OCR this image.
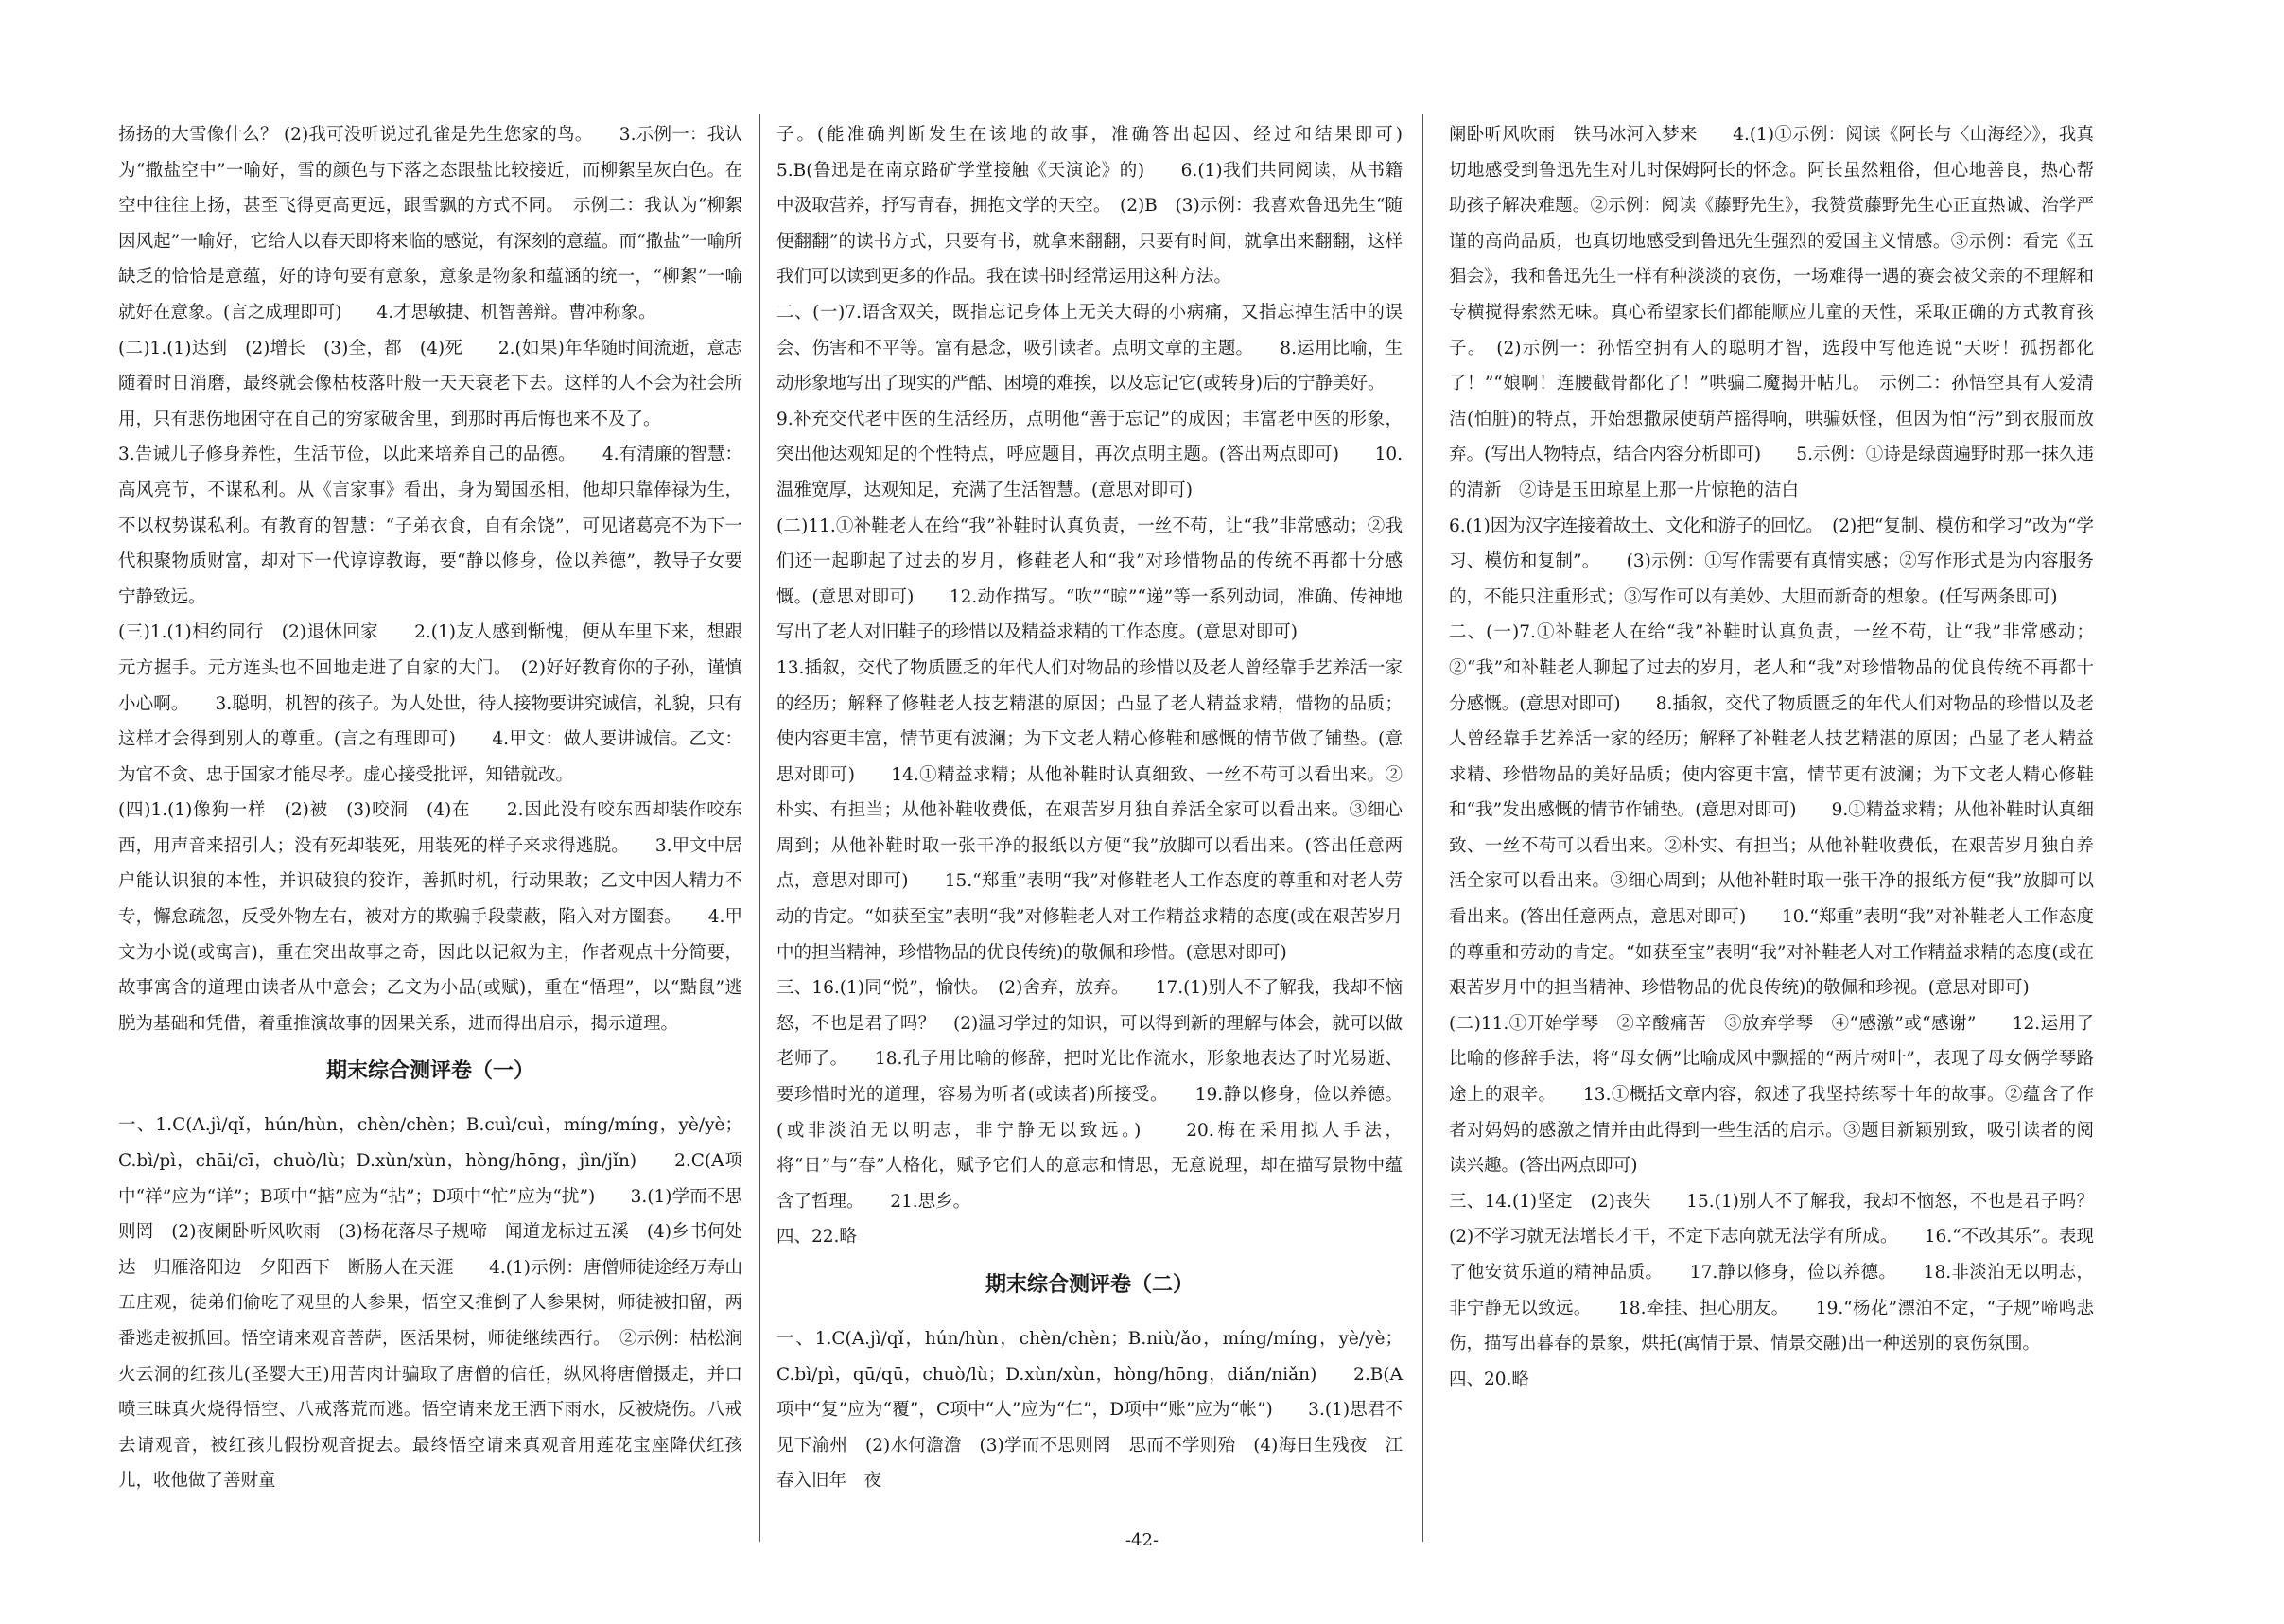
扬扬的大雪像什么？ (2)我可没听说过孔雀是先生您家的鸟。　　3.示例一：我认为“撒盐空中”一喻好，雪的颜色与下落之态跟盐比较接近，而柳絮呈灰白色。在空中往往上扬，甚至飞得更高更远，跟雪飘的方式不同。　示例二：我认为“柳絮因风起”一喻好，它给人以春天即将来临的感觉，有深刻的意蕴。而“撒盐”一喻所缺乏的恰恰是意蕴，好的诗句要有意象，意象是物象和蕴涵的统一，“柳絮”一喻就好在意象。(言之成理即可)　　4.才思敏捷、机智善辩。曹冲称象。

(二)1.(1)达到　(2)增长　(3)全，都　(4)死　　2.(如果)年华随时间流逝，意志随着时日消磨，最终就会像枯枝落叶般一天天衰老下去。这样的人不会为社会所用，只有悲伤地困守在自己的穷家破舍里，到那时再后悔也来不及了。

3.告诫儿子修身养性，生活节俭，以此来培养自己的品德。　　4.有清廉的智慧：高风亮节，不谋私利。从《言家事》看出，身为蜀国丞相，他却只靠俸禄为生，不以权势谋私利。有教育的智慧：“子弟衣食，自有余饶”，可见诸葛亮不为下一代积聚物质财富，却对下一代谆谆教诲，要“静以修身，俭以养德”，教导子女要宁静致远。

(三)1.(1)相约同行　(2)退休回家　　2.(1)友人感到惭愧，便从车里下来，想跟元方握手。元方连头也不回地走进了自家的大门。　(2)好好教育你的子孙，谨慎小心啊。　　3.聪明，机智的孩子。为人处世，待人接物要讲究诚信，礼貌，只有这样才会得到别人的尊重。(言之有理即可)　　4.甲文：做人要讲诚信。乙文：为官不贪、忠于国家才能尽孝。虚心接受批评，知错就改。

(四)1.(1)像狗一样　(2)被　(3)咬洞　(4)在　　2.因此没有咬东西却装作咬东西，用声音来招引人；没有死却装死，用装死的样子来求得逃脱。　　3.甲文中居户能认识狼的本性，并识破狼的狡诈，善抓时机，行动果敢；乙文中因人精力不专，懈怠疏忽，反受外物左右，被对方的欺骗手段蒙蔽，陷入对方圈套。　　4.甲文为小说(或寓言)，重在突出故事之奇，因此以记叙为主，作者观点十分简要，故事寓含的道理由读者从中意会；乙文为小品(或赋)，重在“悟理”，以“黠鼠”逃脱为基础和凭借，着重推演故事的因果关系，进而得出启示，揭示道理。

期末综合测评卷（一）

一、1.C(A.jì/qǐ，hún/hùn，chèn/chèn；B.cuì/cuì，míng/míng，yè/yè；C.bì/pì，chāi/cī，chuò/lù；D.xùn/xùn，hòng/hōng，jìn/jǐn)　　2.C(A项中“祥”应为“详”；B项中“掂”应为“拈”；D项中“忙”应为“扰”)　　3.(1)学而不思则罔　(2)夜阑卧听风吹雨　(3)杨花落尽子规啼　闻道龙标过五溪　(4)乡书何处达　归雁洛阳边　夕阳西下　断肠人在天涯　　4.(1)示例：唐僧师徒途经万寿山五庄观，徒弟们偷吃了观里的人参果，悟空又推倒了人参果树，师徒被扣留，两番逃走被抓回。悟空请来观音菩萨，医活果树，师徒继续西行。　②示例：枯松涧火云洞的红孩儿(圣婴大王)用苦肉计骗取了唐僧的信任，纵风将唐僧摄走，并口喷三昧真火烧得悟空、八戒落荒而逃。悟空请来龙王洒下雨水，反被烧伤。八戒去请观音，被红孩儿假扮观音捉去。最终悟空请来真观音用莲花宝座降伏红孩儿，收他做了善财童

子。(能准确判断发生在该地的故事，准确答出起因、经过和结果即可)　　5.B(鲁迅是在南京路矿学堂接触《天演论》的)　　6.(1)我们共同阅读，从书籍中汲取营养，抒写青春，拥抱文学的天空。　(2)B　(3)示例：我喜欢鲁迅先生“随便翻翻”的读书方式，只要有书，就拿来翻翻，只要有时间，就拿出来翻翻，这样我们可以读到更多的作品。我在读书时经常运用这种方法。

二、(一)7.语含双关，既指忘记身体上无关大碍的小病痛，又指忘掉生活中的误会、伤害和不平等。富有悬念，吸引读者。点明文章的主题。　　8.运用比喻，生动形象地写出了现实的严酷、困境的难挨，以及忘记它(或转身)后的宁静美好。

9.补充交代老中医的生活经历，点明他“善于忘记”的成因；丰富老中医的形象，突出他达观知足的个性特点，呼应题目，再次点明主题。(答出两点即可)　　10.温雅宽厚，达观知足，充满了生活智慧。(意思对即可)

(二)11.①补鞋老人在给“我”补鞋时认真负责，一丝不苟，让“我”非常感动；②我们还一起聊起了过去的岁月，修鞋老人和“我”对珍惜物品的传统不再都十分感慨。(意思对即可)　　12.动作描写。“吹”“晾”“递”等一系列动词，准确、传神地写出了老人对旧鞋子的珍惜以及精益求精的工作态度。(意思对即可)

13.插叙，交代了物质匮乏的年代人们对物品的珍惜以及老人曾经靠手艺养活一家的经历；解释了修鞋老人技艺精湛的原因；凸显了老人精益求精，惜物的品质；使内容更丰富，情节更有波澜；为下文老人精心修鞋和感慨的情节做了铺垫。(意思对即可)　　14.①精益求精；从他补鞋时认真细致、一丝不苟可以看出来。②朴实、有担当；从他补鞋收费低，在艰苦岁月独自养活全家可以看出来。③细心周到；从他补鞋时取一张干净的报纸以方便“我”放脚可以看出来。(答出任意两点，意思对即可)　　15.“郑重”表明“我”对修鞋老人工作态度的尊重和对老人劳动的肯定。“如获至宝”表明“我”对修鞋老人对工作精益求精的态度(或在艰苦岁月中的担当精神，珍惜物品的优良传统)的敬佩和珍惜。(意思对即可)

三、16.(1)同“悦”，愉快。　(2)舍弃，放弃。　　17.(1)别人不了解我，我却不恼怒，不也是君子吗？　(2)温习学过的知识，可以得到新的理解与体会，就可以做老师了。　　18.孔子用比喻的修辞，把时光比作流水，形象地表达了时光易逝、要珍惜时光的道理，容易为听者(或读者)所接受。　　19.静以修身，俭以养德。(或非淡泊无以明志，非宁静无以致远。)　　20.梅在采用拟人手法，将“日”与“春”人格化，赋予它们人的意志和情思，无意说理，却在描写景物中蕴含了哲理。　　21.思乡。

四、22.略

期末综合测评卷（二）

一、1.C(A.jì/qǐ，hún/hùn，chèn/chèn；B.niù/ǎo，míng/míng，yè/yè；C.bì/pì，qū/qū，chuò/lù；D.xùn/xùn，hòng/hōng，diǎn/niǎn)　　2.B(A项中“复”应为“覆”，C项中“人”应为“仁”，D项中“账”应为“帐”)　　3.(1)思君不见下渝州　(2)水何澹澹　(3)学而不思则罔　思而不学则殆　(4)海日生残夜　江春入旧年　夜

阑卧听风吹雨　铁马冰河入梦来　　4.(1)①示例：阅读《阿长与〈山海经〉》，我真切地感受到鲁迅先生对儿时保姆阿长的怀念。阿长虽然粗俗，但心地善良，热心帮助孩子解决难题。②示例：阅读《藤野先生》，我赞赏藤野先生心正直热诚、治学严谨的高尚品质，也真切地感受到鲁迅先生强烈的爱国主义情感。③示例：看完《五猖会》，我和鲁迅先生一样有种淡淡的哀伤，一场难得一遇的赛会被父亲的不理解和专横搅得索然无味。真心希望家长们都能顺应儿童的天性，采取正确的方式教育孩子。　(2)示例一：孙悟空拥有人的聪明才智，选段中写他连说“天呀！孤拐都化了！”“娘啊！连腰截骨都化了！”哄骗二魔揭开帖儿。　示例二：孙悟空具有人爱清洁(怕脏)的特点，开始想撒尿使葫芦摇得响，哄骗妖怪，但因为怕“污”到衣服而放弃。(写出人物特点，结合内容分析即可)　　5.示例：①诗是绿茵遍野时那一抹久违的清新　②诗是玉田琼星上那一片惊艳的洁白

6.(1)因为汉字连接着故土、文化和游子的回忆。　(2)把“复制、模仿和学习”改为“学习、模仿和复制”。　　(3)示例：①写作需要有真情实感；②写作形式是为内容服务的，不能只注重形式；③写作可以有美妙、大胆而新奇的想象。(任写两条即可)

二、(一)7.①补鞋老人在给“我”补鞋时认真负责，一丝不苟，让“我”非常感动；②“我”和补鞋老人聊起了过去的岁月，老人和“我”对珍惜物品的优良传统不再都十分感慨。(意思对即可)　　8.插叙，交代了物质匮乏的年代人们对物品的珍惜以及老人曾经靠手艺养活一家的经历；解释了补鞋老人技艺精湛的原因；凸显了老人精益求精、珍惜物品的美好品质；使内容更丰富，情节更有波澜；为下文老人精心修鞋和“我”发出感慨的情节作铺垫。(意思对即可)　　9.①精益求精；从他补鞋时认真细致、一丝不苟可以看出来。②朴实、有担当；从他补鞋收费低，在艰苦岁月独自养活全家可以看出来。③细心周到；从他补鞋时取一张干净的报纸方便“我”放脚可以看出来。(答出任意两点，意思对即可)　　10.“郑重”表明“我”对补鞋老人工作态度的尊重和劳动的肯定。“如获至宝”表明“我”对补鞋老人对工作精益求精的态度(或在艰苦岁月中的担当精神、珍惜物品的优良传统)的敬佩和珍视。(意思对即可)

(二)11.①开始学琴　②辛酸痛苦　③放弃学琴　④“感激”或“感谢”　　12.运用了比喻的修辞手法，将“母女俩”比喻成风中飘摇的“两片树叶”，表现了母女俩学琴路途上的艰辛。　　13.①概括文章内容，叙述了我坚持练琴十年的故事。②蕴含了作者对妈妈的感激之情并由此得到一些生活的启示。③题目新颖别致，吸引读者的阅读兴趣。(答出两点即可)

三、14.(1)坚定　(2)丧失　　15.(1)别人不了解我，我却不恼怒，不也是君子吗？　(2)不学习就无法增长才干，不定下志向就无法学有所成。　　16.“不改其乐”。表现了他安贫乐道的精神品质。　　17.静以修身，俭以养德。　　18.非淡泊无以明志，非宁静无以致远。　　18.牵挂、担心朋友。　　19.“杨花”漂泊不定，“子规”啼鸣悲伤，描写出暮春的景象，烘托(寓情于景、情景交融)出一种送别的哀伤氛围。

四、20.略

-42-
